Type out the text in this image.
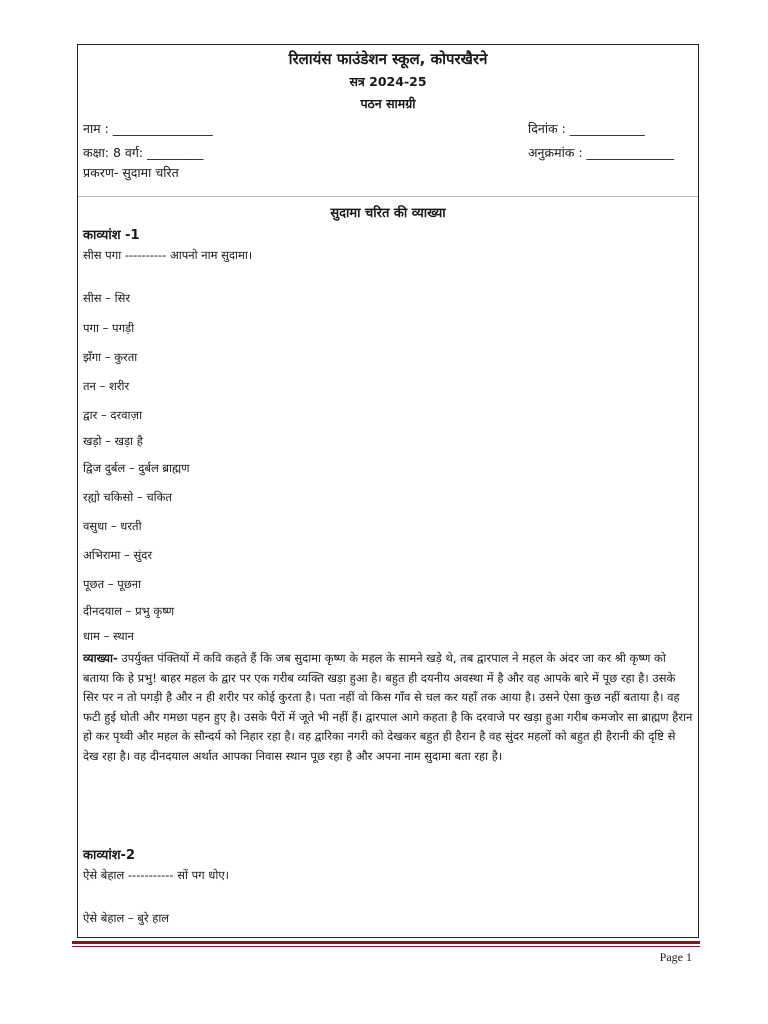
रिलायंस फाउंडेशन स्कूल, कोपरखैरने
सत्र 2024-25
पठन सामग्री
नाम : ________________	दिनांक : ____________
कक्षा: 8 वर्ग: _________	अनुक्रमांक : ______________
प्रकरण- सुदामा चरित
सुदामा चरित की व्याख्या
काव्यांश -1
सीस पगा ---------- आपनो नाम सुदामा।
सीस – सिर
पगा – पगड़ी
झँगा – कुरता
तन – शरीर
द्वार – दरवाज़ा
खड़ो – खड़ा है
द्विज दुर्बल – दुर्बल ब्राह्मण
रह्यो चकिसो – चकित
वसुधा – धरती
अभिरामा – सुंदर
पूछत – पूछना
दीनदयाल – प्रभु कृष्ण
धाम – स्थान
व्याख्या- उपर्युक्त पंक्तियों में कवि कहते हैं कि जब सुदामा कृष्ण के महल के सामने खड़े थे, तब द्वारपाल ने महल के अंदर जा कर श्री कृष्ण को बताया कि हे प्रभु! बाहर महल के द्वार पर एक गरीब व्यक्ति खड़ा हुआ है। बहुत ही दयनीय अवस्था में है और वह आपके बारे में पूछ रहा है। उसके सिर पर न तो पगड़ी है और न ही शरीर पर कोई कुरता है। पता नहीं वो किस गाँव से चल कर यहाँ तक आया है। उसने ऐसा कुछ नहीं बताया है। वह फटी हुई धोती और गमछा पहन हुए है। उसके पैरों में जूते भी नहीं हैं। द्वारपाल आगे कहता है कि दरवाजे पर खड़ा हुआ गरीब कमजोर सा ब्राह्मण हैरान हो कर पृथ्वी और महल के सौन्दर्य को निहार रहा है। वह द्वारिका नगरी को देखकर बहुत ही हैरान है वह सुंदर महलों को बहुत ही हैरानी की दृष्टि से देख रहा है। वह दीनदयाल अर्थात आपका निवास स्थान पूछ रहा है और अपना नाम सुदामा बता रहा है।
काव्यांश-2
ऐसे बेहाल ----------- सों पग धोए।
ऐसे बेहाल – बुरे हाल
Page 1
